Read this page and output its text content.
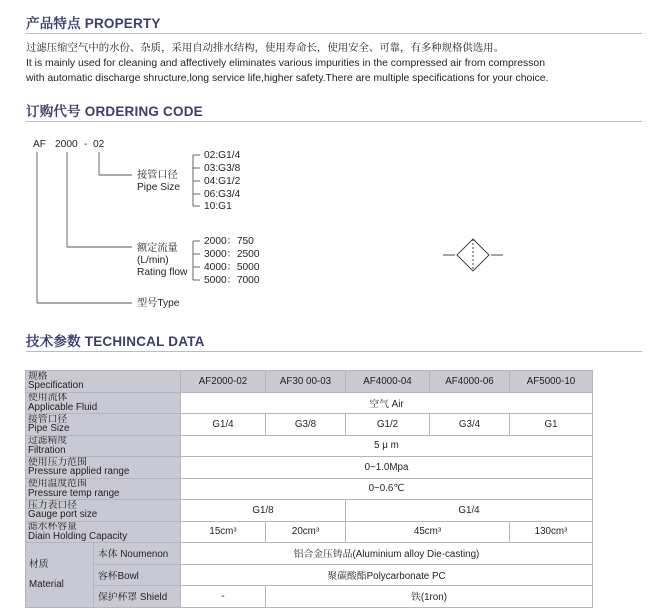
产品特点 PROPERTY
过滤压缩空气中的水份、杂质，采用自动排水结构，使用寿命长，使用安全、可靠，有多种规格供选用。
It is mainly used for cleaning and affectively eliminates various impurities in the compressed air from compresson
with automatic discharge shructure,long service life,higher safety.There are multiple specifications for your choice.
订购代号 ORDERING CODE
AF 2000 - 02
接管口径
Pipe Size
02:G1/4
03:G3/8
04:G1/2
06:G3/4
10:G1
额定流量
(L/min)
Rating flow
2000：750
3000：2500
4000：5000
5000：7000
型号Type
技术参数 TECHINCAL DATA
规格
Specification		AF2000-02	AF30 00-03	AF4000-04	AF4000-06	AF5000-10

使用流体
Applicable Fluid		空气 Air				

接管口径
Pipe Size		G1/4	G3/8	G1/2	G3/4	G1

过滤精度
Filtration		5 μ m				

使用压力范围
Pressure applied range		0~1.0Mpa				

使用温度范围
Pressure temp range		0~0.6℃				

压力表口径
Gauge port size		G1/8		G1/4		

滤水杯容量
Diain Holding Capacity		15cm³	20cm³	45cm³		130cm³

材质
Material	本体 Noumenon	铝合金压铸品(Aluminium alloy Die-casting)				
	容杯Bowl	聚碳酸酯Polycarbonate PC				
	保护杯罩 Shield	-	铁(1ron)			
